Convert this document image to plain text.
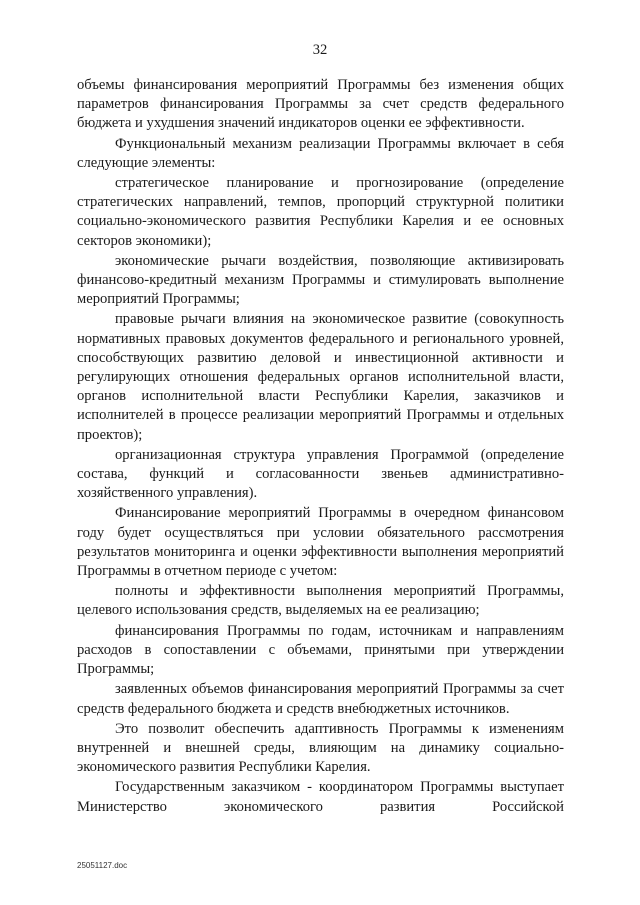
32

объемы финансирования мероприятий Программы без изменения общих параметров финансирования Программы за счет средств федерального бюджета и ухудшения значений индикаторов оценки ее эффективности.

Функциональный механизм реализации Программы включает в себя следующие элементы:

стратегическое планирование и прогнозирование (определение стратегических направлений, темпов, пропорций структурной политики социально-экономического развития Республики Карелия и ее основных секторов экономики);

экономические рычаги воздействия, позволяющие активизировать финансово-кредитный механизм Программы и стимулировать выполнение мероприятий Программы;

правовые рычаги влияния на экономическое развитие (совокупность нормативных правовых документов федерального и регионального уровней, способствующих развитию деловой и инвестиционной активности и регулирующих отношения федеральных органов исполнительной власти, органов исполнительной власти Республики Карелия, заказчиков и исполнителей в процессе реализации мероприятий Программы и отдельных проектов);

организационная структура управления Программой (определение состава, функций и согласованности звеньев административно-хозяйственного управления).

Финансирование мероприятий Программы в очередном финансовом году будет осуществляться при условии обязательного рассмотрения результатов мониторинга и оценки эффективности выполнения мероприятий Программы в отчетном периоде с учетом:

полноты и эффективности выполнения мероприятий Программы, целевого использования средств, выделяемых на ее реализацию;

финансирования Программы по годам, источникам и направлениям расходов в сопоставлении с объемами, принятыми при утверждении Программы;

заявленных объемов финансирования мероприятий Программы за счет средств федерального бюджета и средств внебюджетных источников.

Это позволит обеспечить адаптивность Программы к изменениям внутренней и внешней среды, влияющим на динамику социально-экономического развития Республики Карелия.

Государственным заказчиком - координатором Программы выступает Министерство экономического развития Российской

25051127.doc
